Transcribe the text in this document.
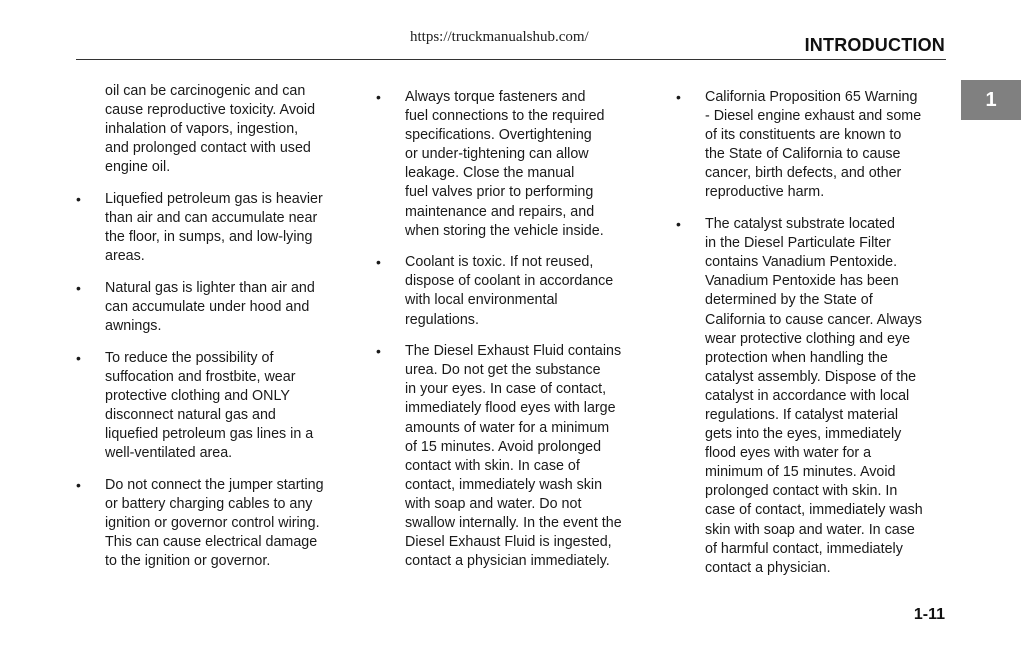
https://truckmanualshub.com/	INTRODUCTION
1
oil can be carcinogenic and can
cause reproductive toxicity. Avoid
inhalation of vapors, ingestion,
and prolonged contact with used
engine oil.
•	Liquefied petroleum gas is heavier
than air and can accumulate near
the floor, in sumps, and low-lying
areas.
•	Natural gas is lighter than air and
can accumulate under hood and
awnings.
•	To reduce the possibility of
suffocation and frostbite, wear
protective clothing and ONLY
disconnect natural gas and
liquefied petroleum gas lines in a
well-ventilated area.
•	Do not connect the jumper starting
or battery charging cables to any
ignition or governor control wiring.
This can cause electrical damage
to the ignition or governor.
•	Always torque fasteners and
fuel connections to the required
specifications. Overtightening
or under-tightening can allow
leakage. Close the manual
fuel valves prior to performing
maintenance and repairs, and
when storing the vehicle inside.
•	Coolant is toxic. If not reused,
dispose of coolant in accordance
with local environmental
regulations.
•	The Diesel Exhaust Fluid contains
urea. Do not get the substance
in your eyes. In case of contact,
immediately flood eyes with large
amounts of water for a minimum
of 15 minutes. Avoid prolonged
contact with skin. In case of
contact, immediately wash skin
with soap and water. Do not
swallow internally. In the event the
Diesel Exhaust Fluid is ingested,
contact a physician immediately.
•	California Proposition 65 Warning
- Diesel engine exhaust and some
of its constituents are known to
the State of California to cause
cancer, birth defects, and other
reproductive harm.
•	The catalyst substrate located
in the Diesel Particulate Filter
contains Vanadium Pentoxide.
Vanadium Pentoxide has been
determined by the State of
California to cause cancer. Always
wear protective clothing and eye
protection when handling the
catalyst assembly. Dispose of the
catalyst in accordance with local
regulations. If catalyst material
gets into the eyes, immediately
flood eyes with water for a
minimum of 15 minutes. Avoid
prolonged contact with skin. In
case of contact, immediately wash
skin with soap and water. In case
of harmful contact, immediately
contact a physician.
1-11
